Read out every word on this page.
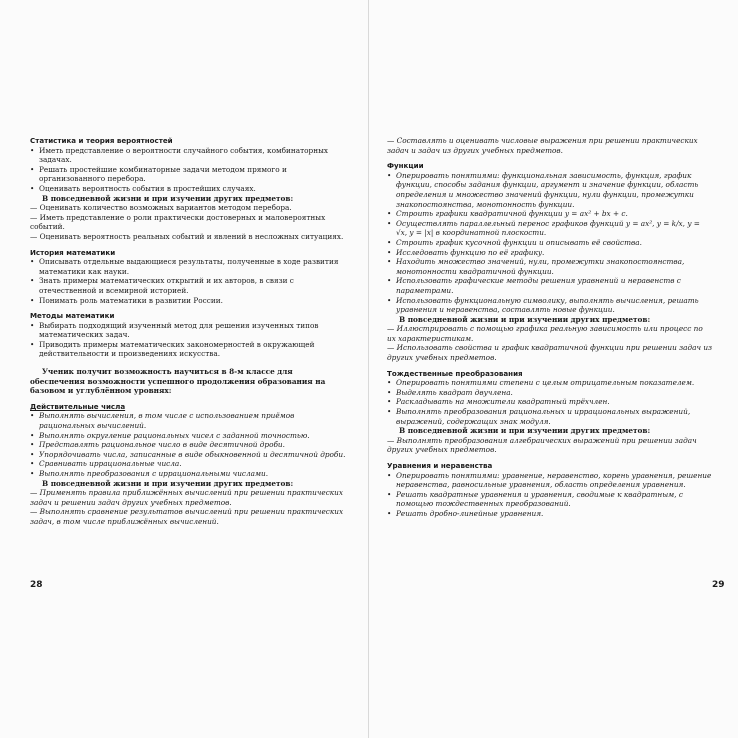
Статистика и теория вероятностей
• Иметь представление о вероятности случайного события, комбинаторных задачах.
• Решать простейшие комбинаторные задачи методом прямого и организованного перебора.
• Оценивать вероятность события в простейших случаях.
В повседневной жизни и при изучении других предметов:
— Оценивать количество возможных вариантов методом перебора.
— Иметь представление о роли практически достоверных и маловероятных событий.
— Оценивать вероятность реальных событий и явлений в несложных ситуациях.
История математики
• Описывать отдельные выдающиеся результаты, полученные в ходе развития математики как науки.
• Знать примеры математических открытий и их авторов, в связи с отечественной и всемирной историей.
• Понимать роль математики в развитии России.
Методы математики
• Выбирать подходящий изученный метод для решения изученных типов математических задач.
• Приводить примеры математических закономерностей в окружающей действительности и произведениях искусства.
Ученик получит возможность научиться в 8-м классе для обеспечения возможности успешного продолжения образования на базовом и углублённом уровнях:
Действительные числа
• Выполнять вычисления, в том числе с использованием приёмов рациональных вычислений.
• Выполнять округление рациональных чисел с заданной точностью.
• Представлять рациональное число в виде десятичной дроби.
• Упорядочивать числа, записанные в виде обыкновенной и десятичной дроби.
• Сравнивать иррациональные числа.
• Выполнять преобразования с иррациональными числами.
В повседневной жизни и при изучении других предметов:
— Применять правила приближённых вычислений при решении практических задач и решении задач других учебных предметов.
— Выполнять сравнение результатов вычислений при решении практических задач, в том числе приближённых вычислений.
28
— Составлять и оценивать числовые выражения при решении практических задач и задач из других учебных предметов.
Функции
• Оперировать понятиями: функциональная зависимость, функция, график функции, способы задания функции, аргумент и значение функции, область определения и множество значений функции, нули функции, промежутки знакопостоянства, монотонность функции.
• Строить графики квадратичной функции y = ax² + bx + c.
• Осуществлять параллельный перенос графиков функций y = ax², y = k/x, y = √x, y = |x| в координатной плоскости.
• Строить график кусочной функции и описывать её свойства.
• Исследовать функцию по её графику.
• Находить множество значений, нули, промежутки знакопостоянства, монотонности квадратичной функции.
• Использовать графические методы решения уравнений и неравенств с параметрами.
• Использовать функциональную символику, выполнять вычисления, решать уравнения и неравенства, составлять новые функции.
В повседневной жизни и при изучении других предметов:
— Иллюстрировать с помощью графика реальную зависимость или процесс по их характеристикам.
— Использовать свойства и график квадратичной функции при решении задач из других учебных предметов.
Тождественные преобразования
• Оперировать понятиями степени с целым отрицательным показателем.
• Выделять квадрат двучлена.
• Раскладывать на множители квадратный трёхчлен.
• Выполнять преобразования рациональных и иррациональных выражений, выражений, содержащих знак модуля.
В повседневной жизни и при изучении других предметов:
— Выполнять преобразования алгебраических выражений при решении задач других учебных предметов.
Уравнения и неравенства
• Оперировать понятиями: уравнение, неравенство, корень уравнения, решение неравенства, равносильные уравнения, область определения уравнения.
• Решать квадратные уравнения и уравнения, сводимые к квадратным, с помощью тождественных преобразований.
• Решать дробно-линейные уравнения.
29
